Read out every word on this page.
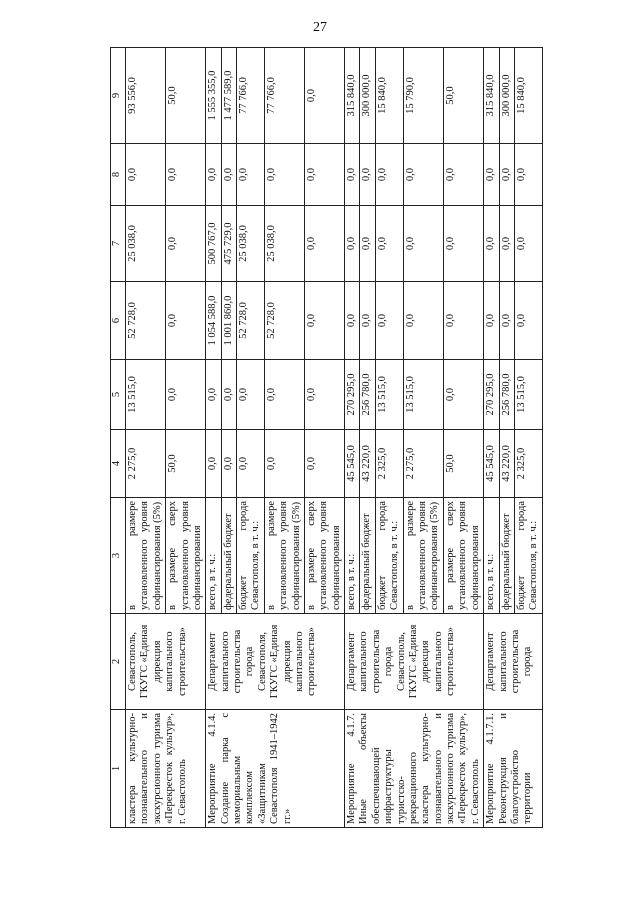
27
1	2	3	4	5	6	7	8	9
кластера культурно-познавательного и экскурсионного туризма «Перекресток культур», г. Севастополь	Севастополь, ГКУГС «Единая дирекция капитального строительства»	в размере установленного уровня софинансирования (5%)	2 275,0	13 515,0	52 728,0	25 038,0	0,0	93 556,0
		в размере сверх установленного уровня софинансирования	50,0	0,0	0,0	0,0	0,0	50,0
Мероприятие 4.1.4. Создание парка с мемориальным комплексом «Защитникам Севастополя 1941–1942 гг.»	Департамент капитального строительства города Севастополя, ГКУГС «Единая дирекция капитального строительства»	всего, в т. ч.:	0,0	0,0	1 054 588,0	500 767,0	0,0	1 555 355,0
		федеральный бюджет	0,0	0,0	1 001 860,0	475 729,0	0,0	1 477 589,0
		бюджет города Севастополя, в т. ч.:	0,0	0,0	52 728,0	25 038,0	0,0	77 766,0
		в размере установленного уровня софинансирования (5%)	0,0	0,0	52 728,0	25 038,0	0,0	77 766,0
		в размере сверх установленного уровня софинансирования	0,0	0,0	0,0	0,0	0,0	0,0
Мероприятие 4.1.7. Иные объекты обеспечивающей инфраструктуры туристско-рекреационного кластера культурно-познавательного и экскурсионного туризма «Перекресток культур», г. Севастополь	Департамент капитального строительства города Севастополь, ГКУГС «Единая дирекция капитального строительства»	всего, в т. ч.:	45 545,0	270 295,0	0,0	0,0	0,0	315 840,0
		федеральный бюджет	43 220,0	256 780,0	0,0	0,0	0,0	300 000,0
		бюджет города Севастополя, в т. ч.:	2 325,0	13 515,0	0,0	0,0	0,0	15 840,0
		в размере установленного уровня софинансирования (5%)	2 275,0	13 515,0	0,0	0,0	0,0	15 790,0
		в размере сверх установленного уровня софинансирования	50,0	0,0	0,0	0,0	0,0	50,0
Мероприятие 4.1.7.1. Реконструкция и благоустройство территории	Департамент капитального строительства города	всего, в т. ч.:	45 545,0	270 295,0	0,0	0,0	0,0	315 840,0
		федеральный бюджет	43 220,0	256 780,0	0,0	0,0	0,0	300 000,0
		бюджет города Севастополя, в т. ч.:	2 325,0	13 515,0	0,0	0,0	0,0	15 840,0
